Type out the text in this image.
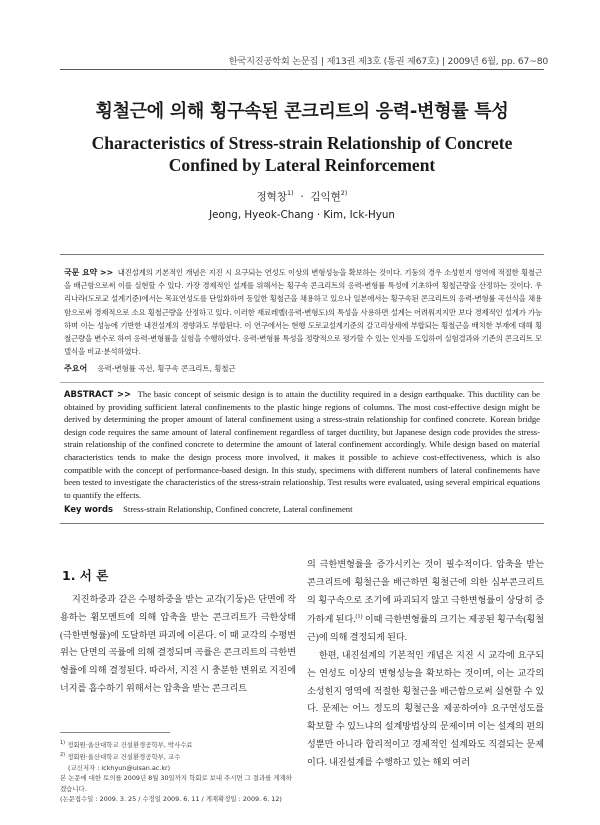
한국지진공학회 논문집 | 제13권 제3호 (통권 제67호) | 2009년 6월, pp. 67~80
횡철근에 의해 횡구속된 콘크리트의 응력-변형률 특성
Characteristics of Stress-strain Relationship of Concrete Confined by Lateral Reinforcement
정혁창$^{1)}$ · 김익현$^{2)}$
Jeong, Hyeok-Chang · Kim, Ick-Hyun
국문 요약 >> 내진설계의 기본적인 개념은 지진 시 요구되는 연성도 이상의 변형성능을 확보하는 것이다. 기둥의 경우 소성힌지 영역에 적절한 횡철근을 배근함으로써 이를 실현할 수 있다. 가장 경제적인 설계를 위해서는 횡구속 콘크리트의 응력-변형률 특성에 기초하여 횡철근량을 산정하는 것이다. 우리나라(도로교 설계기준)에서는 목표연성도를 단일화하여 동일한 횡철근을 채용하고 있으나 일본에서는 횡구속된 콘크리트의 응력-변형률 곡선식을 채용함으로써 경제적으로 소요 횡철근량을 산정하고 있다. 이러한 재료레벨(응력-변형도)의 특성을 사용하면 설계는 어려워지지만 보다 경제적인 설계가 가능하며 이는 성능에 기반한 내진설계의 경향과도 부합된다. 이 연구에서는 현행 도로교설계기준의 갈고리상세에 부합되는 횡철근을 배치한 부재에 대해 횡철근량을 변수로 하여 응력-변형률을 실험을 수행하였다. 응력-변형률 특성을 정량적으로 평가할 수 있는 인자를 도입하여 실험결과와 기존의 콘크리트 모델식을 비교·분석하였다.
주요어 응력-변형률 곡선, 횡구속 콘크리트, 횡철근
ABSTRACT >> The basic concept of seismic design is to attain the ductility required in a design earthquake. This ductility can be obtained by providing sufficient lateral confinements to the plastic hinge regions of columns. The most cost-effective design might be derived by determining the proper amount of lateral confinement using a stress-strain relationship for confined concrete. Korean bridge design code requires the same amount of lateral confinement regardless of target ductility, but Japanese design code provides the stress-strain relationship of the confined concrete to determine the amount of lateral confinement accordingly. While design based on material characteristics tends to make the design process more involved, it makes it possible to achieve cost-effectiveness, which is also compatible with the concept of performance-based design. In this study, specimens with different numbers of lateral confinements have been tested to investigate the characteristics of the stress-strain relationship. Test results were evaluated, using several empirical equations to quantify the effects.
Key words Stress-strain Relationship, Confined concrete, Lateral confinement
1. 서 론

지진하중과 같은 수평하중을 받는 교각(기둥)은 단면에 작용하는 휨모멘트에 의해 압축을 받는 콘크리트가 극한상태(극한변형률)에 도달하면 파괴에 이른다. 이 때 교각의 수평변위는 단면의 곡률에 의해 결정되며 곡률은 콘크리트의 극한변형률에 의해 결정된다. 따라서, 지진 시 충분한 변위로 지진에너지를 흡수하기 위해서는 압축을 받는 콘크리트

$^{1)}$ 정회원·울산대학교 건설환경공학부, 박사수료
$^{2)}$ 정회원·울산대학교 건설환경공학부, 교수
(교신저자 : ickhyun@ulsan.ac.kr)
본 논문에 대한 토의를 2009년 8월 30일까지 학회로 보내 주시면 그 결과를 게재하겠습니다.
(논문접수일 : 2009. 3. 25 / 수정일 2009. 6. 11 / 게재확정일 : 2009. 6. 12)

의 극한변형률을 증가시키는 것이 필수적이다. 압축을 받는 콘크리트에 횡철근을 배근하면 횡철근에 의한 심부콘크리트의 횡구속으로 조기에 파괴되지 않고 극한변형률이 상당히 증가하게 된다.$^{(1)}$ 이때 극한변형률의 크기는 제공된 횡구속(횡철근)에 의해 결정되게 된다.

한편, 내진설계의 기본적인 개념은 지진 시 교각에 요구되는 연성도 이상의 변형성능을 확보하는 것이며, 이는 교각의 소성힌지 영역에 적절한 횡철근을 배근함으로써 실현할 수 있다. 문제는 어느 정도의 횡철근을 제공하여야 요구연성도를 확보할 수 있느냐의 설계방법상의 문제이며 이는 설계의 편의성뿐만 아니라 합리적이고 경제적인 설계와도 직결되는 문제이다. 내진설계를 수행하고 있는 해외 여러
